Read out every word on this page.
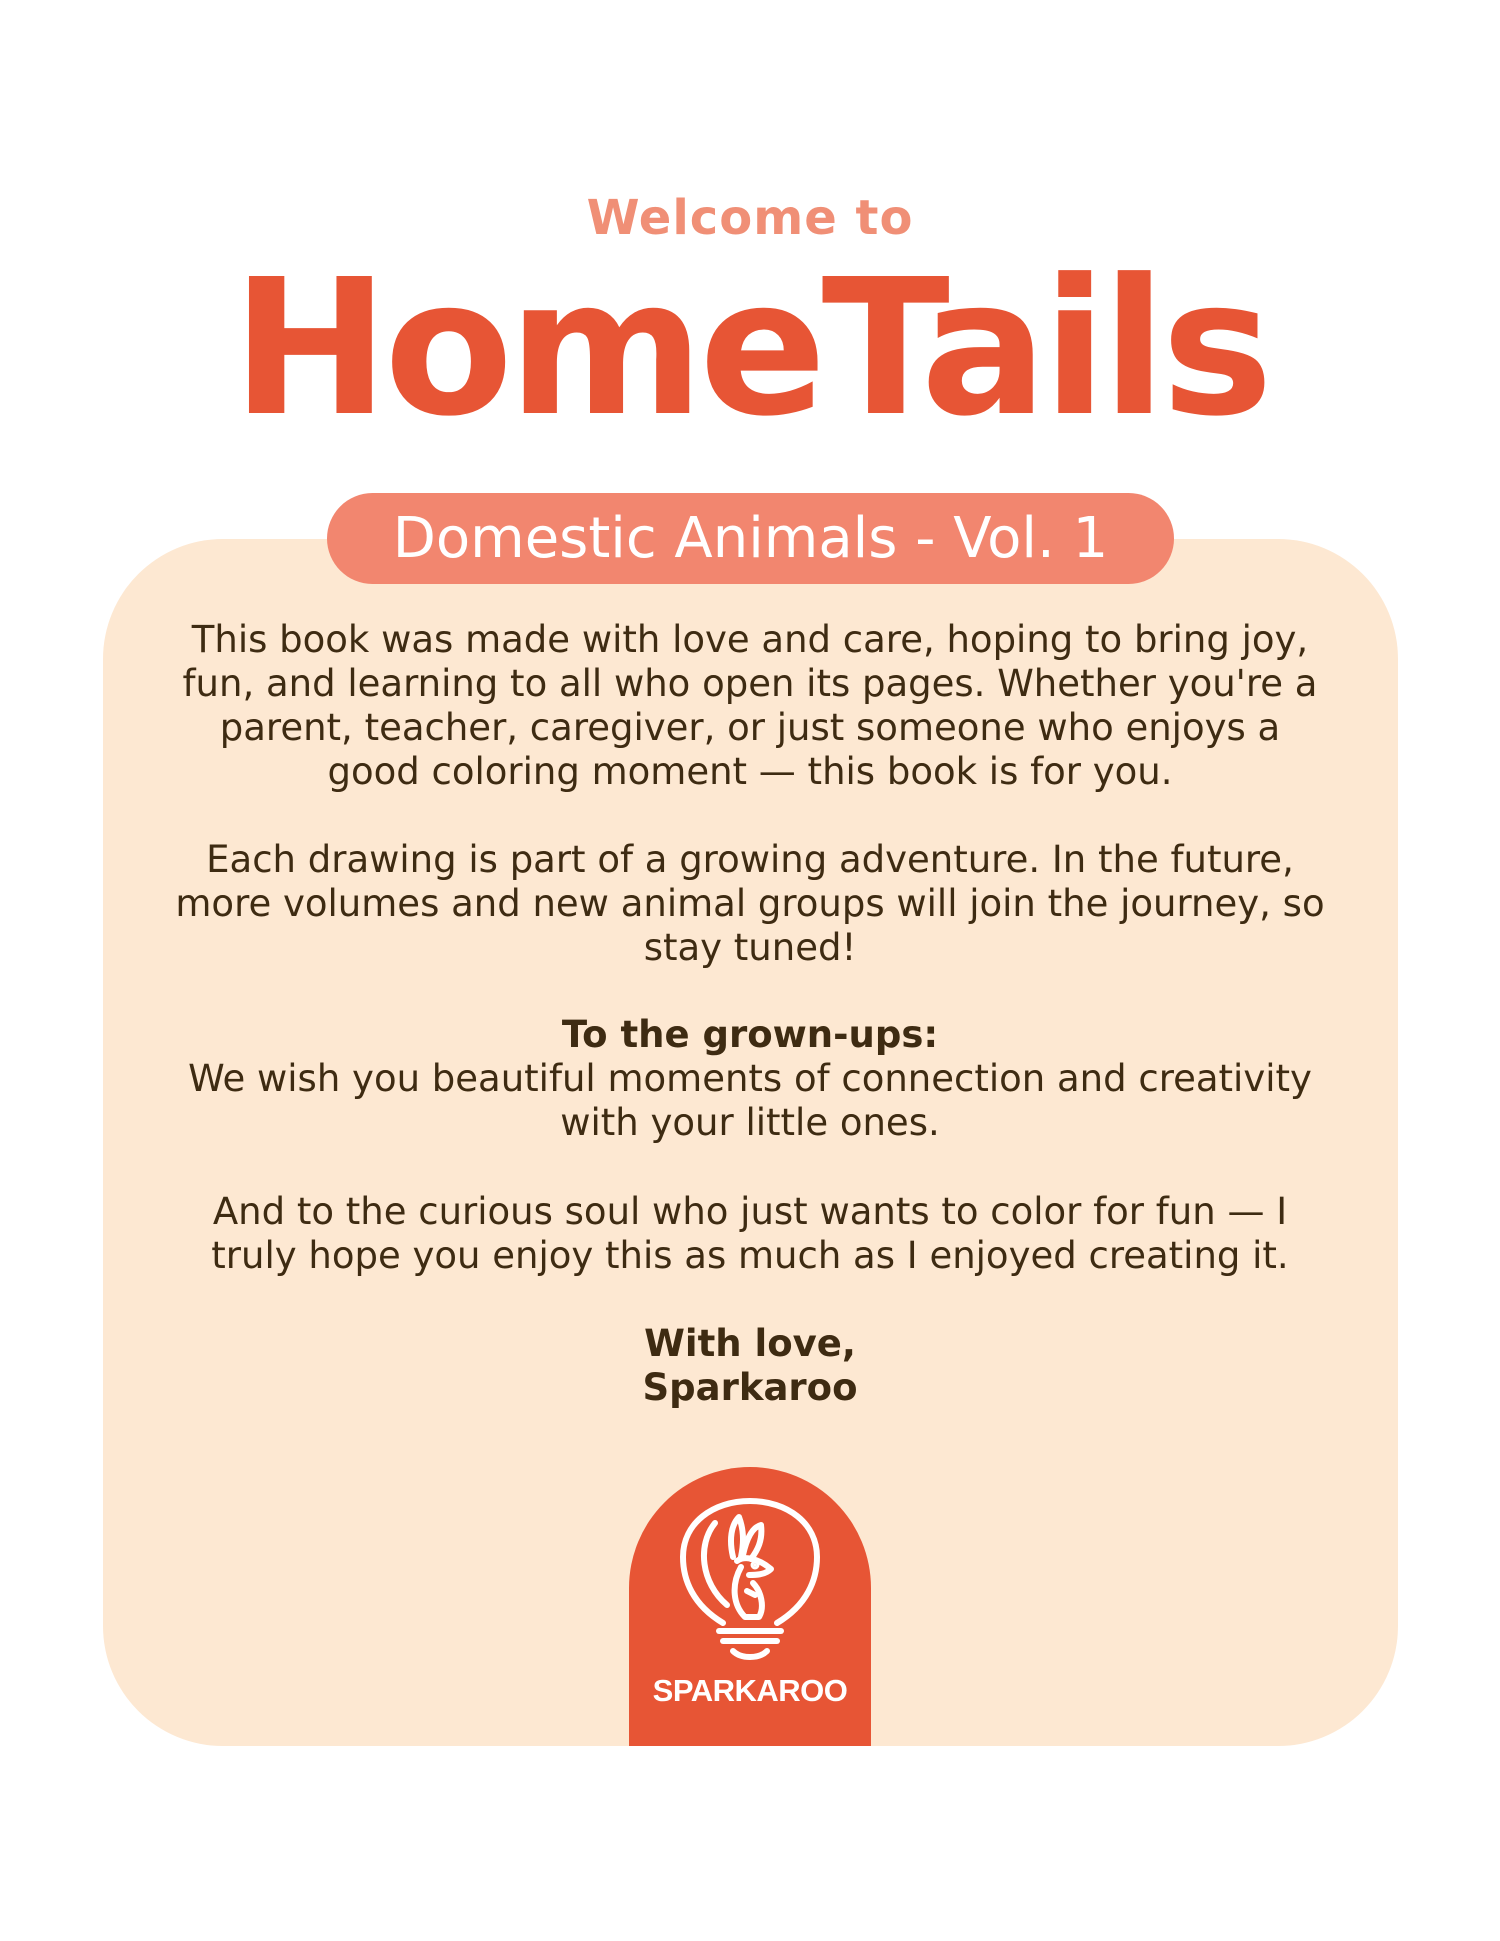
Welcome to
HomeTails
Domestic Animals - Vol. 1
This book was made with love and care, hoping to bring joy, fun, and learning to all who open its pages. Whether you're a parent, teacher, caregiver, or just someone who enjoys a good coloring moment — this book is for you.
Each drawing is part of a growing adventure. In the future, more volumes and new animal groups will join the journey, so stay tuned!
To the grown-ups:
We wish you beautiful moments of connection and creativity with your little ones.
And to the curious soul who just wants to color for fun — I truly hope you enjoy this as much as I enjoyed creating it.
With love,
Sparkaroo
SPARKAROO
